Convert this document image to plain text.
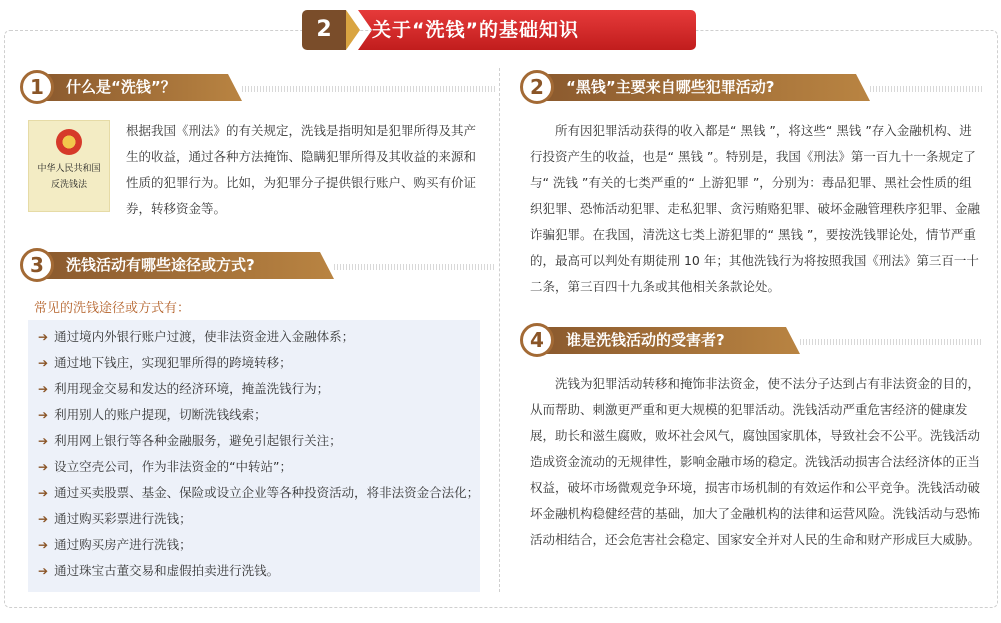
2	关于“洗钱”的基础知识
1	什么是“洗钱”？
中华人民共和国
反洗钱法
根据我国《刑法》的有关规定，洗钱是指明知是犯罪所得及其产生的收益，通过各种方法掩饰、隐瞒犯罪所得及其收益的来源和性质的犯罪行为。比如，为犯罪分子提供银行账户、购买有价证券，转移资金等。
3	洗钱活动有哪些途径或方式?
常见的洗钱途径或方式有：
➔ 通过境内外银行账户过渡，使非法资金进入金融体系；
➔ 通过地下钱庄，实现犯罪所得的跨境转移；
➔ 利用现金交易和发达的经济环境，掩盖洗钱行为；
➔ 利用别人的账户提现，切断洗钱线索；
➔ 利用网上银行等各种金融服务，避免引起银行关注；
➔ 设立空壳公司，作为非法资金的“中转站”；
➔ 通过买卖股票、基金、保险或设立企业等各种投资活动，将非法资金合法化；
➔ 通过购买彩票进行洗钱；
➔ 通过购买房产进行洗钱；
➔ 通过珠宝古董交易和虚假拍卖进行洗钱。
2	“黑钱”主要来自哪些犯罪活动?
所有因犯罪活动获得的收入都是“ 黑钱 ”，将这些“ 黑钱 ”存入金融机构、进行投资产生的收益，也是“ 黑钱 ”。特别是，我国《刑法》第一百九十一条规定了与“ 洗钱 ”有关的七类严重的“ 上游犯罪 ”，分别为：毒品犯罪、黑社会性质的组织犯罪、恐怖活动犯罪、走私犯罪、贪污贿赂犯罪、破坏金融管理秩序犯罪、金融诈骗犯罪。在我国，清洗这七类上游犯罪的“ 黑钱 ”，要按洗钱罪论处，情节严重的，最高可以判处有期徒刑 10 年；其他洗钱行为将按照我国《刑法》第三百一十二条，第三百四十九条或其他相关条款论处。
4	谁是洗钱活动的受害者?
洗钱为犯罪活动转移和掩饰非法资金，使不法分子达到占有非法资金的目的，从而帮助、刺激更严重和更大规模的犯罪活动。洗钱活动严重危害经济的健康发展，助长和滋生腐败，败坏社会风气，腐蚀国家肌体，导致社会不公平。洗钱活动造成资金流动的无规律性，影响金融市场的稳定。洗钱活动损害合法经济体的正当权益，破坏市场微观竞争环境，损害市场机制的有效运作和公平竞争。洗钱活动破坏金融机构稳健经营的基础，加大了金融机构的法律和运营风险。洗钱活动与恐怖活动相结合，还会危害社会稳定、国家安全并对人民的生命和财产形成巨大威胁。
